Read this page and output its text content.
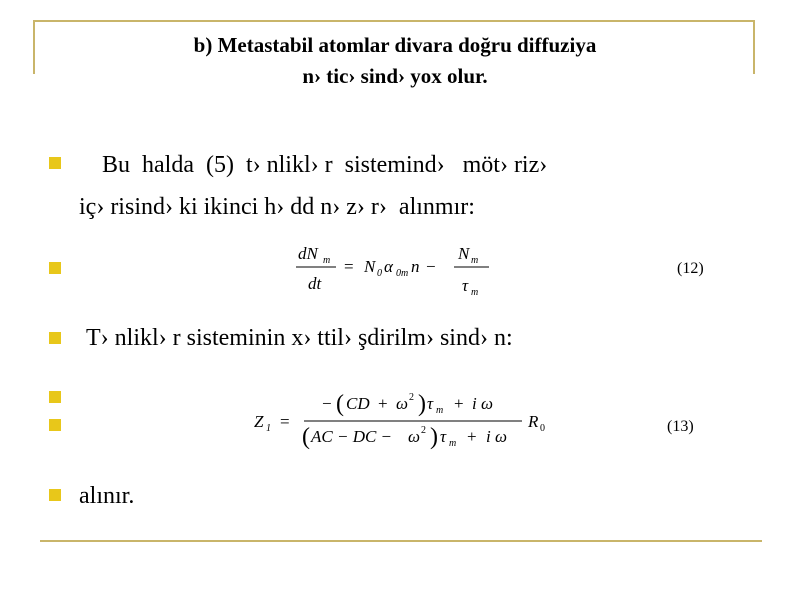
b) Metastabil atomlar divara doğru diffuziya
n› tic› sind› yox olur.
Bu  halda  (5)  t› nlikl› r  sistemind›   möt› riz›
iç› risind› ki ikinci h› dd n› z› r›  alınmır:
dN m
dt
= N 0 α 0m n −
N m
τ m
(12)
T› nlikl› r sisteminin x› ttil› şdirilm› sind› n:
Z 1 =
− ( CD + ω 2 ) τ m + i ω
( AC − DC − ω 2 ) τ m + i ω
R 0	(13)
alınır.
